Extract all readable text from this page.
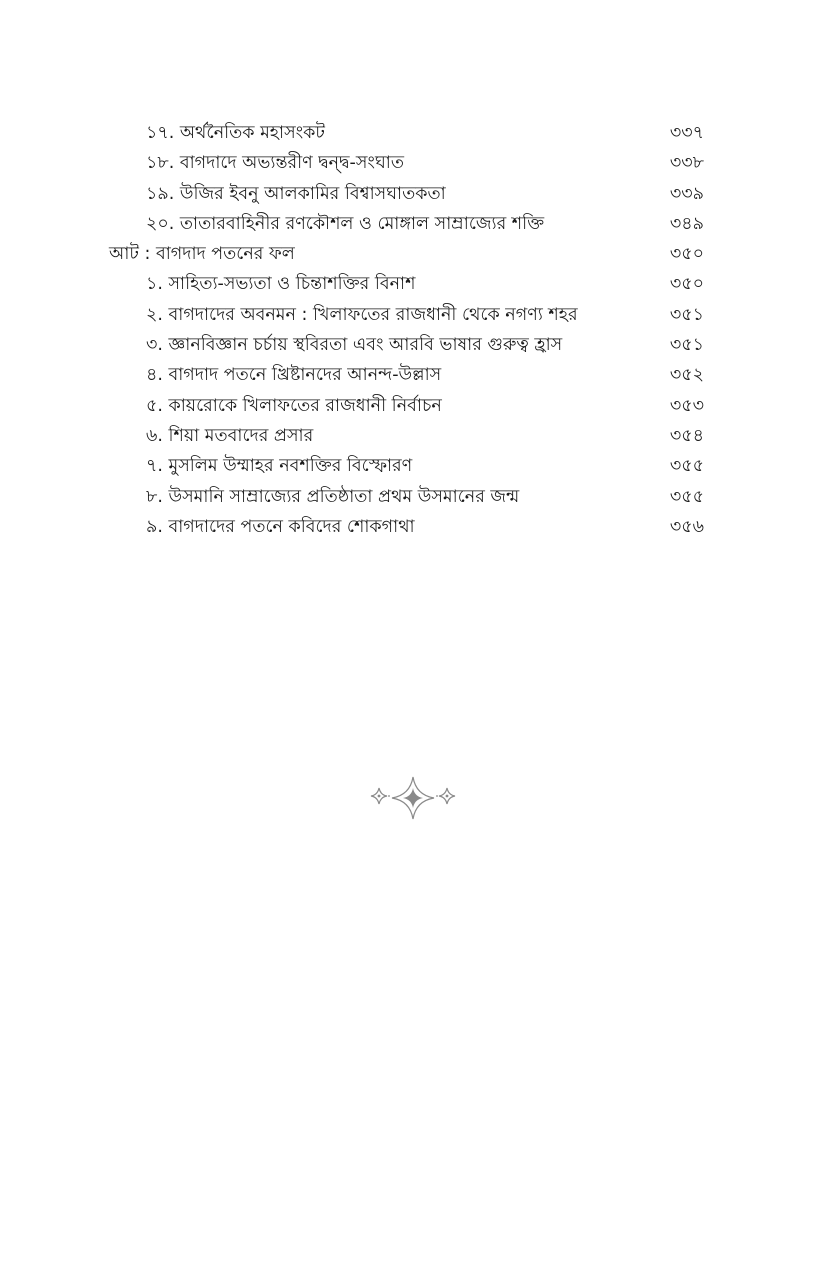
১৭. অর্থনৈতিক মহাসংকট	৩৩৭
১৮. বাগদাদে অভ্যন্তরীণ দ্বন্দ্ব-সংঘাত	৩৩৮
১৯. উজির ইবনু আলকামির বিশ্বাসঘাতকতা	৩৩৯
২০. তাতারবাহিনীর রণকৌশল ও মোঙ্গাল সাম্রাজ্যের শক্তি	৩৪৯
আট : বাগদাদ পতনের ফল	৩৫০
১. সাহিত্য-সভ্যতা ও চিন্তাশক্তির বিনাশ	৩৫০
২. বাগদাদের অবনমন : খিলাফতের রাজধানী থেকে নগণ্য শহর	৩৫১
৩. জ্ঞানবিজ্ঞান চর্চায় স্থবিরতা এবং আরবি ভাষার গুরুত্ব হ্রাস	৩৫১
৪. বাগদাদ পতনে খ্রিষ্টানদের আনন্দ-উল্লাস	৩৫২
৫. কায়রোকে খিলাফতের রাজধানী নির্বাচন	৩৫৩
৬. শিয়া মতবাদের প্রসার	৩৫৪
৭. মুসলিম উম্মাহর নবশক্তির বিস্ফোরণ	৩৫৫
৮. উসমানি সাম্রাজ্যের প্রতিষ্ঠাতা প্রথম উসমানের জন্ম	৩৫৫
৯. বাগদাদের পতনে কবিদের শোকগাথা	৩৫৬
